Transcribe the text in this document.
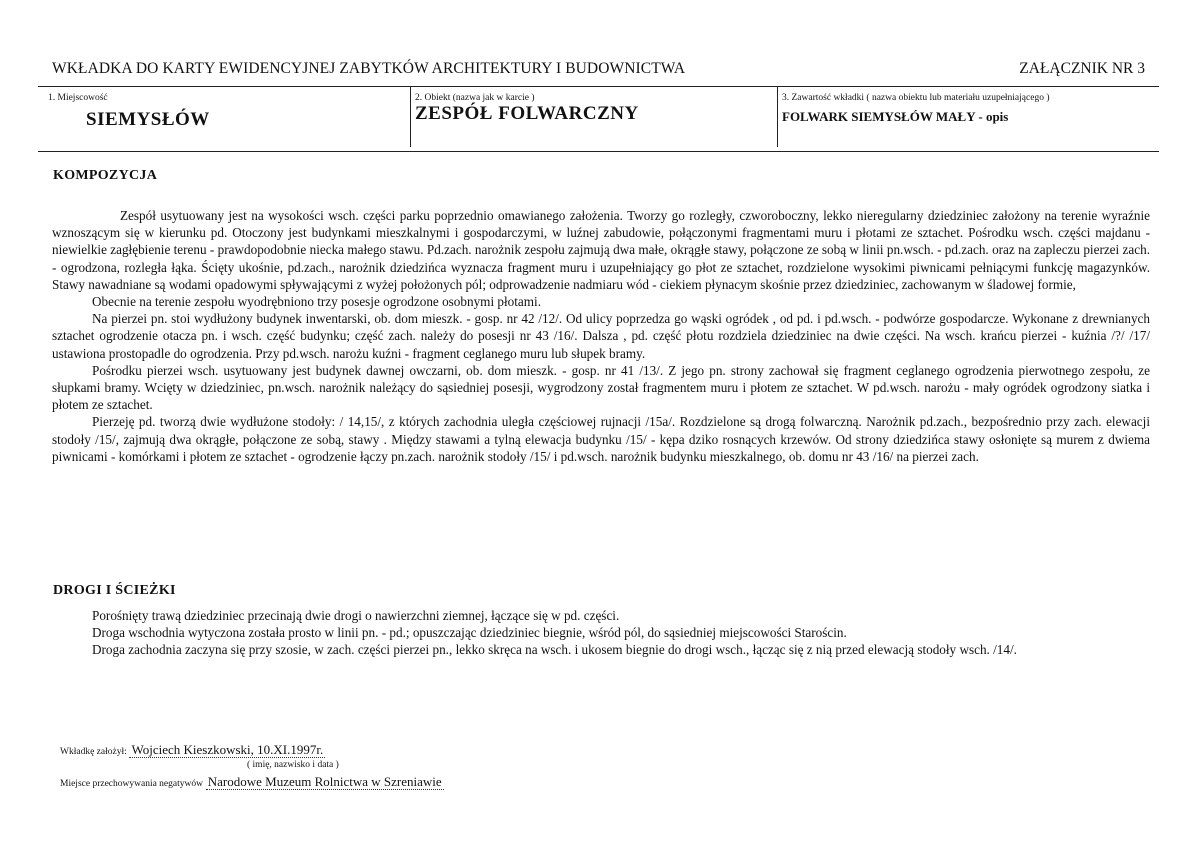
WKŁADKA DO KARTY EWIDENCYJNEJ ZABYTKÓW ARCHITEKTURY I BUDOWNICTWA	ZAŁĄCZNIK NR 3
1. Miejscowość
SIEMYSŁÓW
2. Obiekt (nazwa jak w karcie )
ZESPÓŁ FOLWARCZNY
3. Zawartość wkładki ( nazwa obiektu lub materiału uzupełniającego )
FOLWARK SIEMYSŁÓW MAŁY - opis
KOMPOZYCJA

Zespół usytuowany jest na wysokości wsch. części parku poprzednio omawianego założenia. Tworzy go rozległy, czworoboczny, lekko nieregularny dziedziniec założony na terenie wyraźnie wznoszącym się w kierunku pd. Otoczony jest budynkami mieszkalnymi i gospodarczymi, w luźnej zabudowie, połączonymi fragmentami muru i płotami ze sztachet. Pośrodku wsch. części majdanu - niewielkie zagłębienie terenu - prawdopodobnie niecka małego stawu. Pd.zach. narożnik zespołu zajmują dwa małe, okrągłe stawy, połączone ze sobą w linii pn.wsch. - pd.zach. oraz na zapleczu pierzei zach. - ogrodzona, rozległa łąka. Ścięty ukośnie, pd.zach., narożnik dziedzińca wyznacza fragment muru i uzupełniający go płot ze sztachet, rozdzielone wysokimi piwnicami pełniącymi funkcję magazynków. Stawy nawadniane są wodami opadowymi spływającymi z wyżej położonych pól; odprowadzenie nadmiaru wód - ciekiem płynacym skośnie przez dziedziniec, zachowanym w śladowej formie,

Obecnie na terenie zespołu wyodrębniono trzy posesje ogrodzone osobnymi płotami.

Na pierzei pn. stoi wydłużony budynek inwentarski, ob. dom mieszk. - gosp. nr 42 /12/. Od ulicy poprzedza go wąski ogródek , od pd. i pd.wsch. - podwórze gospodarcze. Wykonane z drewnianych sztachet ogrodzenie otacza pn. i wsch. część budynku; część zach. należy do posesji nr 43 /16/. Dalsza , pd. część płotu rozdziela dziedziniec na dwie części. Na wsch. krańcu pierzei - kuźnia /?/ /17/ ustawiona prostopadle do ogrodzenia. Przy pd.wsch. narożu kuźni - fragment ceglanego muru lub słupek bramy.

Pośrodku pierzei wsch. usytuowany jest budynek dawnej owczarni, ob. dom mieszk. - gosp. nr 41 /13/. Z jego pn. strony zachował się fragment ceglanego ogrodzenia pierwotnego zespołu, ze słupkami bramy. Wcięty w dziedziniec, pn.wsch. narożnik należący do sąsiedniej posesji, wygrodzony został fragmentem muru i płotem ze sztachet. W pd.wsch. narożu - mały ogródek ogrodzony siatka i płotem ze sztachet.

Pierzeję pd. tworzą dwie wydłużone stodoły: / 14,15/, z których zachodnia uległa częściowej rujnacji /15a/. Rozdzielone są drogą folwarczną. Narożnik pd.zach., bezpośrednio przy zach. elewacji stodoły /15/, zajmują dwa okrągłe, połączone ze sobą, stawy . Między stawami a tylną elewacja budynku /15/ - kępa dziko rosnących krzewów. Od strony dziedzińca stawy osłonięte są murem z dwiema piwnicami - komórkami i płotem ze sztachet - ogrodzenie łączy pn.zach. narożnik stodoły /15/ i pd.wsch. narożnik budynku mieszkalnego, ob. domu nr 43 /16/ na pierzei zach.

DROGI I ŚCIEŻKI

Porośnięty trawą dziedziniec przecinają dwie drogi o nawierzchni ziemnej, łączące się w pd. części.

Droga wschodnia wytyczona została prosto w linii pn. - pd.; opuszczając dziedziniec biegnie, wśród pól, do sąsiedniej miejscowości Starościn.

Droga zachodnia zaczyna się przy szosie, w zach. części pierzei pn., lekko skręca na wsch. i ukosem biegnie do drogi wsch., łącząc się z nią przed elewacją stodoły wsch. /14/.

Wkładkę założył: Wojciech Kieszkowski, 10.XI.1997r.
( imię, nazwisko i data )
Miejsce przechowywania negatywów Narodowe Muzeum Rolnictwa w Szreniawie
